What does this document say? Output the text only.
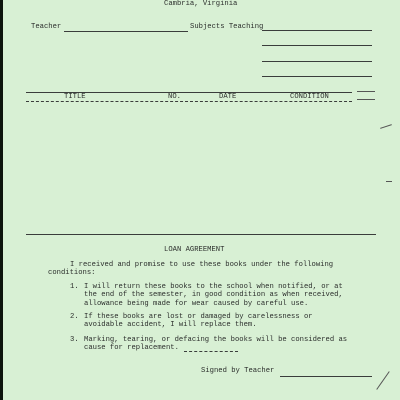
Cambria, Virginia
Teacher	Subjects Teaching
TITLE	NO.	DATE	CONDITION
LOAN AGREEMENT
I received and promise to use these books under the following conditions:
1. I will return these books to the school when notified, or at the end of the semester, in good condition as when received, allowance being made for wear caused by careful use.
2. If these books are lost or damaged by carelessness or avoidable accident, I will replace them.
3. Marking, tearing, or defacing the books will be considered as cause for replacement.
Signed by Teacher
